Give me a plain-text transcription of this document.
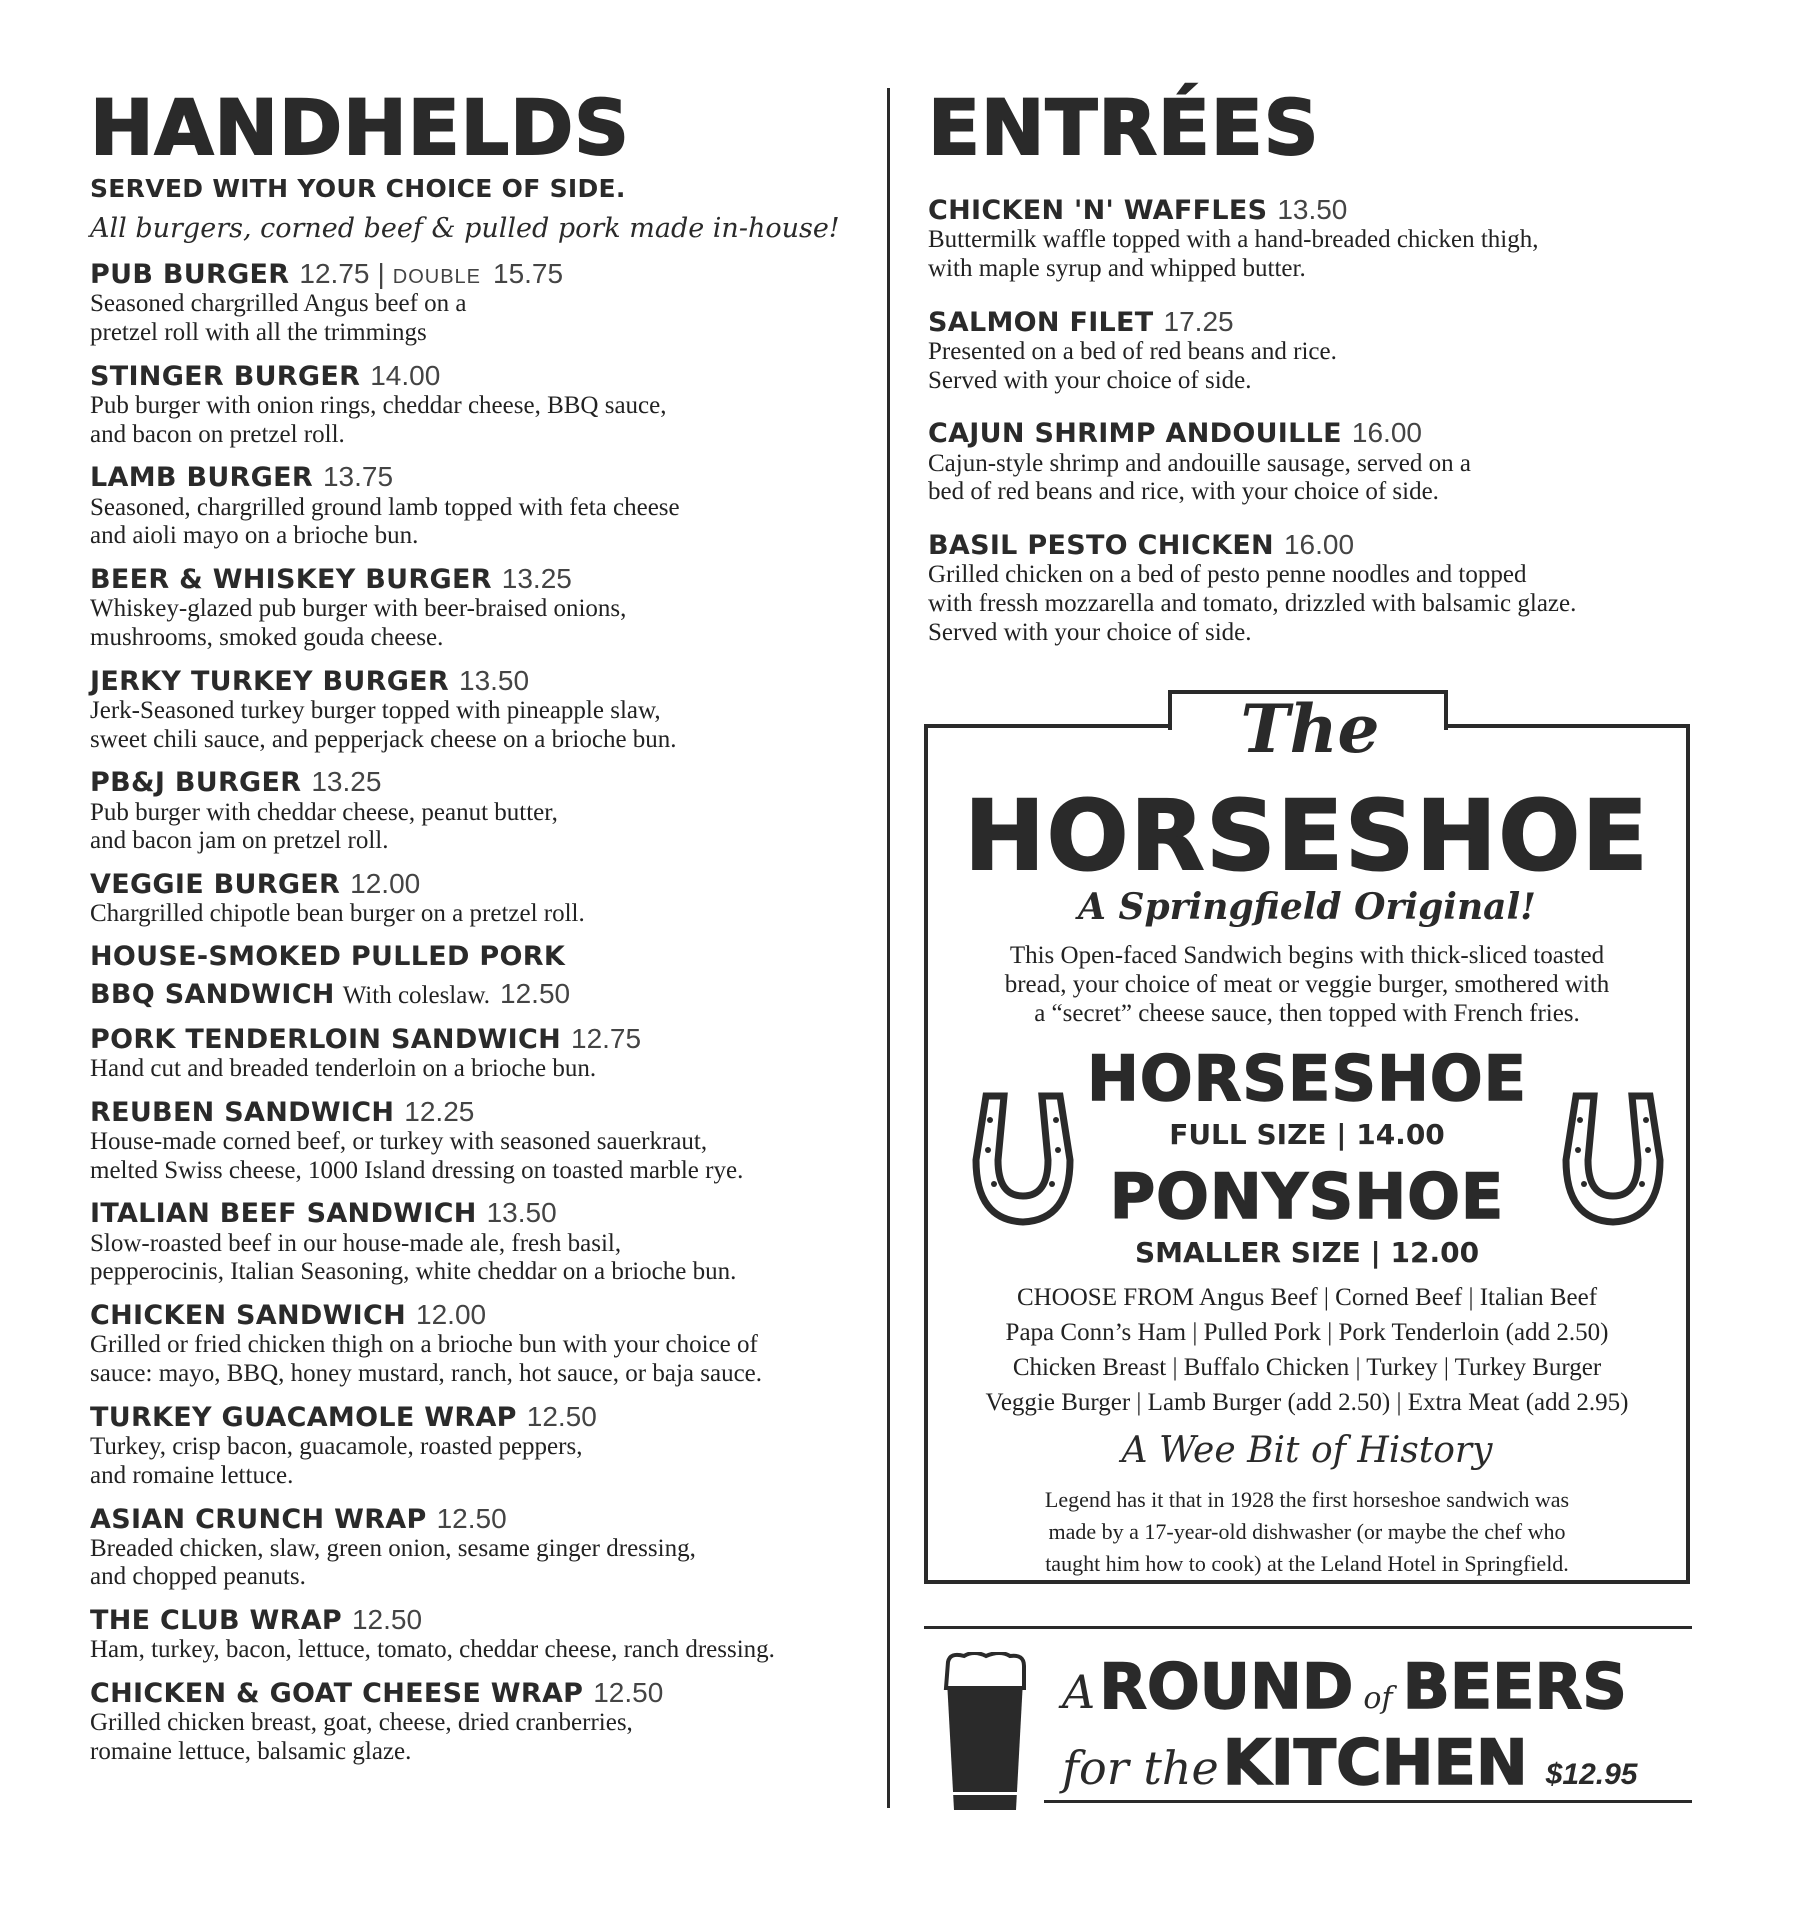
HANDHELDS
SERVED WITH YOUR CHOICE OF SIDE.
All burgers, corned beef & pulled pork made in-house!
PUB BURGER 12.75 | DOUBLE 15.75
Seasoned chargrilled Angus beef on a
pretzel roll with all the trimmings
STINGER BURGER 14.00
Pub burger with onion rings, cheddar cheese, BBQ sauce,
and bacon on pretzel roll.
LAMB BURGER 13.75
Seasoned, chargrilled ground lamb topped with feta cheese
and aioli mayo on a brioche bun.
BEER & WHISKEY BURGER 13.25
Whiskey-glazed pub burger with beer-braised onions,
mushrooms, smoked gouda cheese.
JERKY TURKEY BURGER 13.50
Jerk-Seasoned turkey burger topped with pineapple slaw,
sweet chili sauce, and pepperjack cheese on a brioche bun.
PB&J BURGER 13.25
Pub burger with cheddar cheese, peanut butter,
and bacon jam on pretzel roll.
VEGGIE BURGER 12.00
Chargrilled chipotle bean burger on a pretzel roll.
HOUSE-SMOKED PULLED PORK
BBQ SANDWICH With coleslaw. 12.50
PORK TENDERLOIN SANDWICH 12.75
Hand cut and breaded tenderloin on a brioche bun.
REUBEN SANDWICH 12.25
House-made corned beef, or turkey with seasoned sauerkraut,
melted Swiss cheese, 1000 Island dressing on toasted marble rye.
ITALIAN BEEF SANDWICH 13.50
Slow-roasted beef in our house-made ale, fresh basil,
pepperocinis, Italian Seasoning, white cheddar on a brioche bun.
CHICKEN SANDWICH 12.00
Grilled or fried chicken thigh on a brioche bun with your choice of
sauce: mayo, BBQ, honey mustard, ranch, hot sauce, or baja sauce.
TURKEY GUACAMOLE WRAP 12.50
Turkey, crisp bacon, guacamole, roasted peppers,
and romaine lettuce.
ASIAN CRUNCH WRAP 12.50
Breaded chicken, slaw, green onion, sesame ginger dressing,
and chopped peanuts.
THE CLUB WRAP 12.50
Ham, turkey, bacon, lettuce, tomato, cheddar cheese, ranch dressing.
CHICKEN & GOAT CHEESE WRAP 12.50
Grilled chicken breast, goat, cheese, dried cranberries,
romaine lettuce, balsamic glaze.
ENTRÉES
CHICKEN 'N' WAFFLES 13.50
Buttermilk waffle topped with a hand-breaded chicken thigh,
with maple syrup and whipped butter.
SALMON FILET 17.25
Presented on a bed of red beans and rice.
Served with your choice of side.
CAJUN SHRIMP ANDOUILLE 16.00
Cajun-style shrimp and andouille sausage, served on a
bed of red beans and rice, with your choice of side.
BASIL PESTO CHICKEN 16.00
Grilled chicken on a bed of pesto penne noodles and topped
with fressh mozzarella and tomato, drizzled with balsamic glaze.
Served with your choice of side.
The
HORSESHOE
A Springfield Original!
This Open-faced Sandwich begins with thick-sliced toasted
bread, your choice of meat or veggie burger, smothered with
a “secret” cheese sauce, then topped with French fries.
HORSESHOE
FULL SIZE | 14.00
PONYSHOE
SMALLER SIZE | 12.00
CHOOSE FROM Angus Beef | Corned Beef | Italian Beef
Papa Conn’s Ham | Pulled Pork | Pork Tenderloin (add 2.50)
Chicken Breast | Buffalo Chicken | Turkey | Turkey Burger
Veggie Burger | Lamb Burger (add 2.50) | Extra Meat (add 2.95)
A Wee Bit of History
Legend has it that in 1928 the first horseshoe sandwich was
made by a 17-year-old dishwasher (or maybe the chef who
taught him how to cook) at the Leland Hotel in Springfield.
A ROUND of BEERS
for the KITCHEN $12.95
